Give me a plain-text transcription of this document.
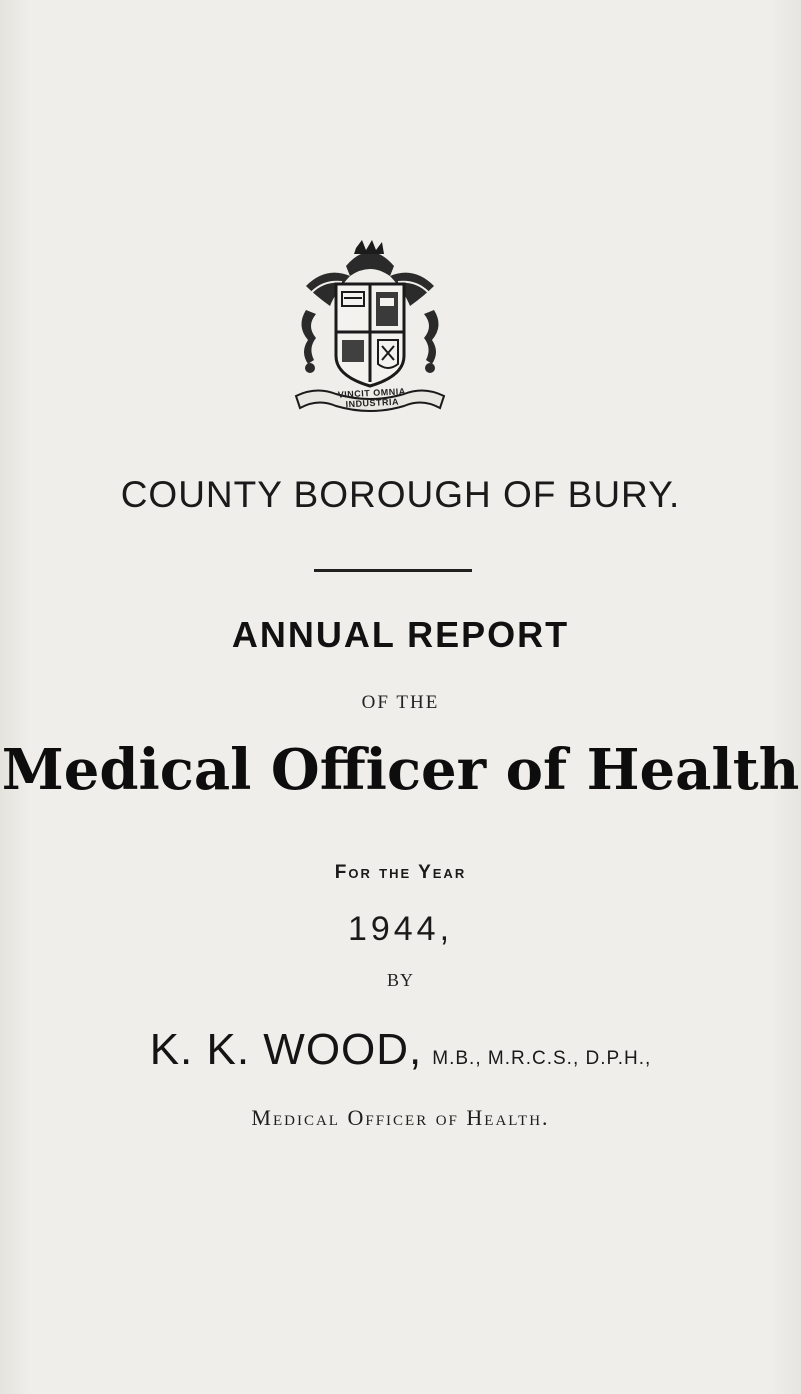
VINCIT OMNIA INDUSTRIA
COUNTY BOROUGH OF BURY.
ANNUAL REPORT
OF THE
Medical Officer of Health
For the Year
1944,
BY
K. K. WOOD, M.B., M.R.C.S., D.P.H.,
Medical Officer of Health.
